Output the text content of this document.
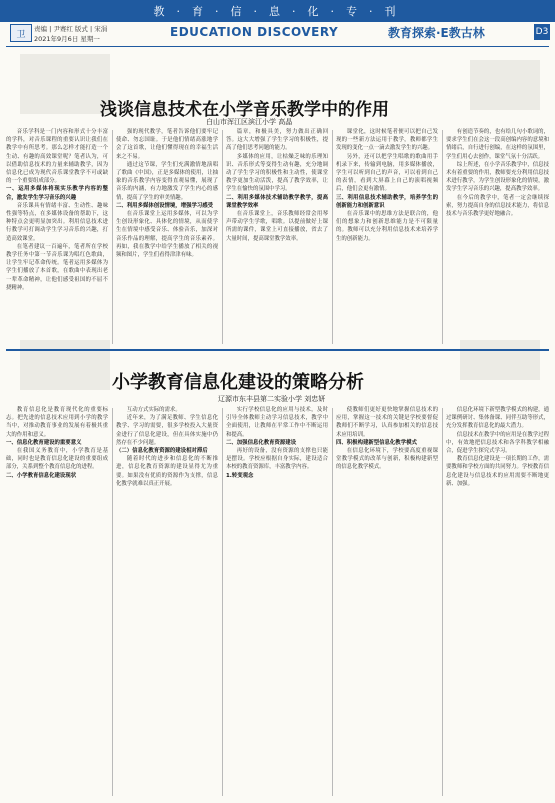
教 · 育 · 信 · 息 · 化 · 专 · 刊
卫
责编 | 尹赛红 版式 | 宋涓
2021年9月6日 星期一	EDUCATION DISCOVERY	教育探索·E教古林	D3
浅谈信息技术在小学音乐教学中的作用
白山市浑江区滨江小学 高晶

音乐学科是一门内容和形式十分丰富的学科，对音乐课程的重要认识让我们在教学中有所思考。那么怎样才能打造一个生动、有趣的高效课堂呢？笔者认为，可以借助信息技术的力量来辅助教学，因为信息化已成为现代音乐课堂教学不可或缺的一个重要组成部分。

一、运用多媒体将现实乐教学内容的整合，激发学生学习音乐的兴趣

音乐课具有情绪丰富、生动性、趣味性强等特点，在多媒体设备的帮助下，这种特点会更明显加突出。利用信息技术进行教学可打调动学生学习音乐的兴趣，打造高效课堂。

在笔者建议一百遍年，笔者所在学校教学任务中第一节音乐课为唱红色歌曲，让学生牢记革命传统。笔者运用多媒体为学生们播放了本首歌，在歌曲中表现出老一辈革命精神，让他们感受祖国的不屈不挠精神。

强的现代教学，笔者告诉他们要牢记使命、勿忘国耻。于是他们情绪高涨地学会了这首歌，让他们懂得现在的幸福生活来之不易。

通过这节课，学生们充满激情地演唱了歌曲《中国》，正是多媒体的使用，让抽象的音乐教学内容变得直观易懂，展现了音乐的内涵，有力地激发了学生内心的感情，提高了学生的审美情趣。

二、利用多媒体创设情境，增强学习感受

在音乐课堂上运用多媒体，可以为学生创设形象化、具体化的情境，从而使学生在情境中感受音乐、体验音乐，加深对音乐作品的理解，提高学生的音乐素养。再如，我在教学中给学生播放了相关的视频和图片，学生们看得津津有味。

篇章，和极具美，努力做出正确回答。这大大增强了学生学习的积极性，提高了他们思考问题的能力。

多媒体的应用，让枯燥乏味的乐理知识、音乐形式等变得生动有趣，充分地调动了学生学习的积极性和主动性，使课堂教学更加生动活泼，提高了教学效率，让学生在愉快的氛围中学习。

二、利用多媒体技术辅助教学教学，提高课堂教学效率

在音乐课堂上，音乐教师经常会用琴声带动学生学歌，唱歌。以提前做好上课所需的课件，课堂上可直接播放，省去了大量时间，提高课堂教学效率。

课堂化，这时候笔者便可以把自己发现的一些新方法运用于教学，教师都学生发现的变化一点一滴去激发学生的兴趣。

另外，还可以把学生唱歌的歌曲用手机录下来，传输到电脑，用多媒体播放，学生可以听到自己的声音，可以看到自己的表情，看到大屏幕上自己的演唱视频后，他们会更有激情。

三、利用信息技术辅助教学，培养学生的创新能力和创新意识

在音乐课中的思维方法是联合的，他们的想象力和创新思维能力是不可限量的。教师可以充分利用信息技术来培养学生的创新能力。

有创造节奏的，也有给几句小歌词的，要求学生们在会这一段高创编内容的意境和情绪后，自行进行创编，在这样的氛围里，学生们用心去创作，课堂气氛十分活跃。

综上所述，在小学音乐教学中，信息技术有着重要的作用，教师要充分利用信息技术进行教学，为学生创设形象化的情境，激发学生学习音乐的兴趣，提高教学效率。

在今后的教学中，笔者一定会继续探索，努力提高自身的信息技术能力，将信息技术与音乐教学更好地融合。

小学教育信息化建设的策略分析
辽源市东丰县第二实验小学 刘忠妍

教育信息化是教育现代化的重要标志。把先进的信息技术应用到小学的教学当中，对推动教育事业的发展有着极其重大的作用和意义。

一、信息化教育建设的重要意义

在我国义务教育中，小学教育是基础，同时也是教育信息化建设的重要组成部分，关系到整个教育信息化的进程。

二、小学教育信息化建设现状

互动方式实际的需求。

近年来，为了满足教师、学生信息化教学、学习的需要，很多学校投入大量资金进行了信息化建设，但在具体实施中仍然存在不少问题。

（二）信息化教育资源的建设相对滞后

随着时代的进步和信息化的不断推进，信息化教育资源的建设显得尤为重要。如果没有优质的资源作为支撑，信息化教学就难以真正开展。

实行学校信息化的应用与技术，及时引导全体教师主动学习信息技术，教学中全面使用，让教师在平常工作中不断运用和提高。

二、加强信息化教育资源建设

再好的设备，没有资源的支撑也只能是摆设。学校应根据自身实际，建设适合本校的教育资源库，丰富教学内容。

1.转变观念

使教师们更好更快地掌握信息技术的应用，掌握这一技术的关键是学校要督促教师们不断学习，认真参加相关的信息技术应用培训。

四、积极构建新型信息化教学模式

在信息化环境下，学校要高度重视课堂教学模式的改革与创新，积极构建新型的信息化教学模式。

信息化环境下新型教学模式的构建，通过课例研讨、集体备课、同伴互助等形式，充分发挥教育信息化的最大潜力。

信息技术在教学中的应用是在教学过程中，有效地把信息技术和各学科教学相融合，促进学生探究式学习。

教育信息化建设是一项长期的工作，需要教师和学校方面的共同努力。学校教育信息化建设与信息技术的应用需要不断地更新、加强。
